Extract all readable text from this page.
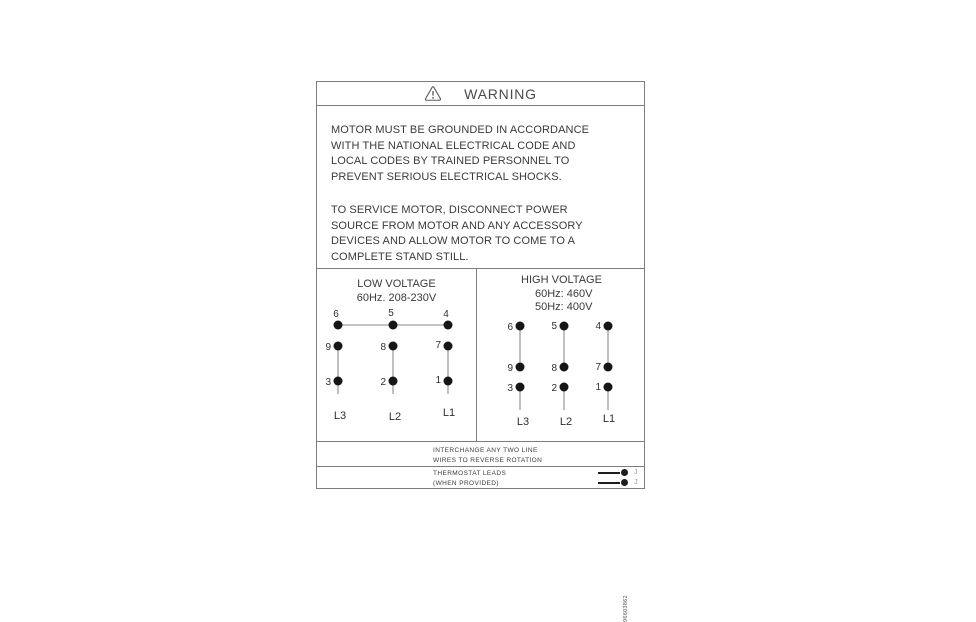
WARNING
MOTOR MUST BE GROUNDED IN ACCORDANCE
WITH THE NATIONAL ELECTRICAL CODE AND
LOCAL CODES BY TRAINED PERSONNEL TO
PREVENT SERIOUS ELECTRICAL SHOCKS.
TO SERVICE MOTOR, DISCONNECT POWER
SOURCE FROM MOTOR AND ANY ACCESSORY
DEVICES AND ALLOW MOTOR TO COME TO A
COMPLETE STAND STILL.
LOW VOLTAGE
60Hz. 208-230V
6	5	4
9	8	7
3	2	1
L3	L2	L1
HIGH VOLTAGE
60Hz: 460V
50Hz: 400V
6	5	4
9	8	7
3	2	1
L3	L2	L1
96603862
INTERCHANGE ANY TWO LINE
WIRES TO REVERSE ROTATION
THERMOSTAT LEADS
(WHEN PROVIDED)
J
J
